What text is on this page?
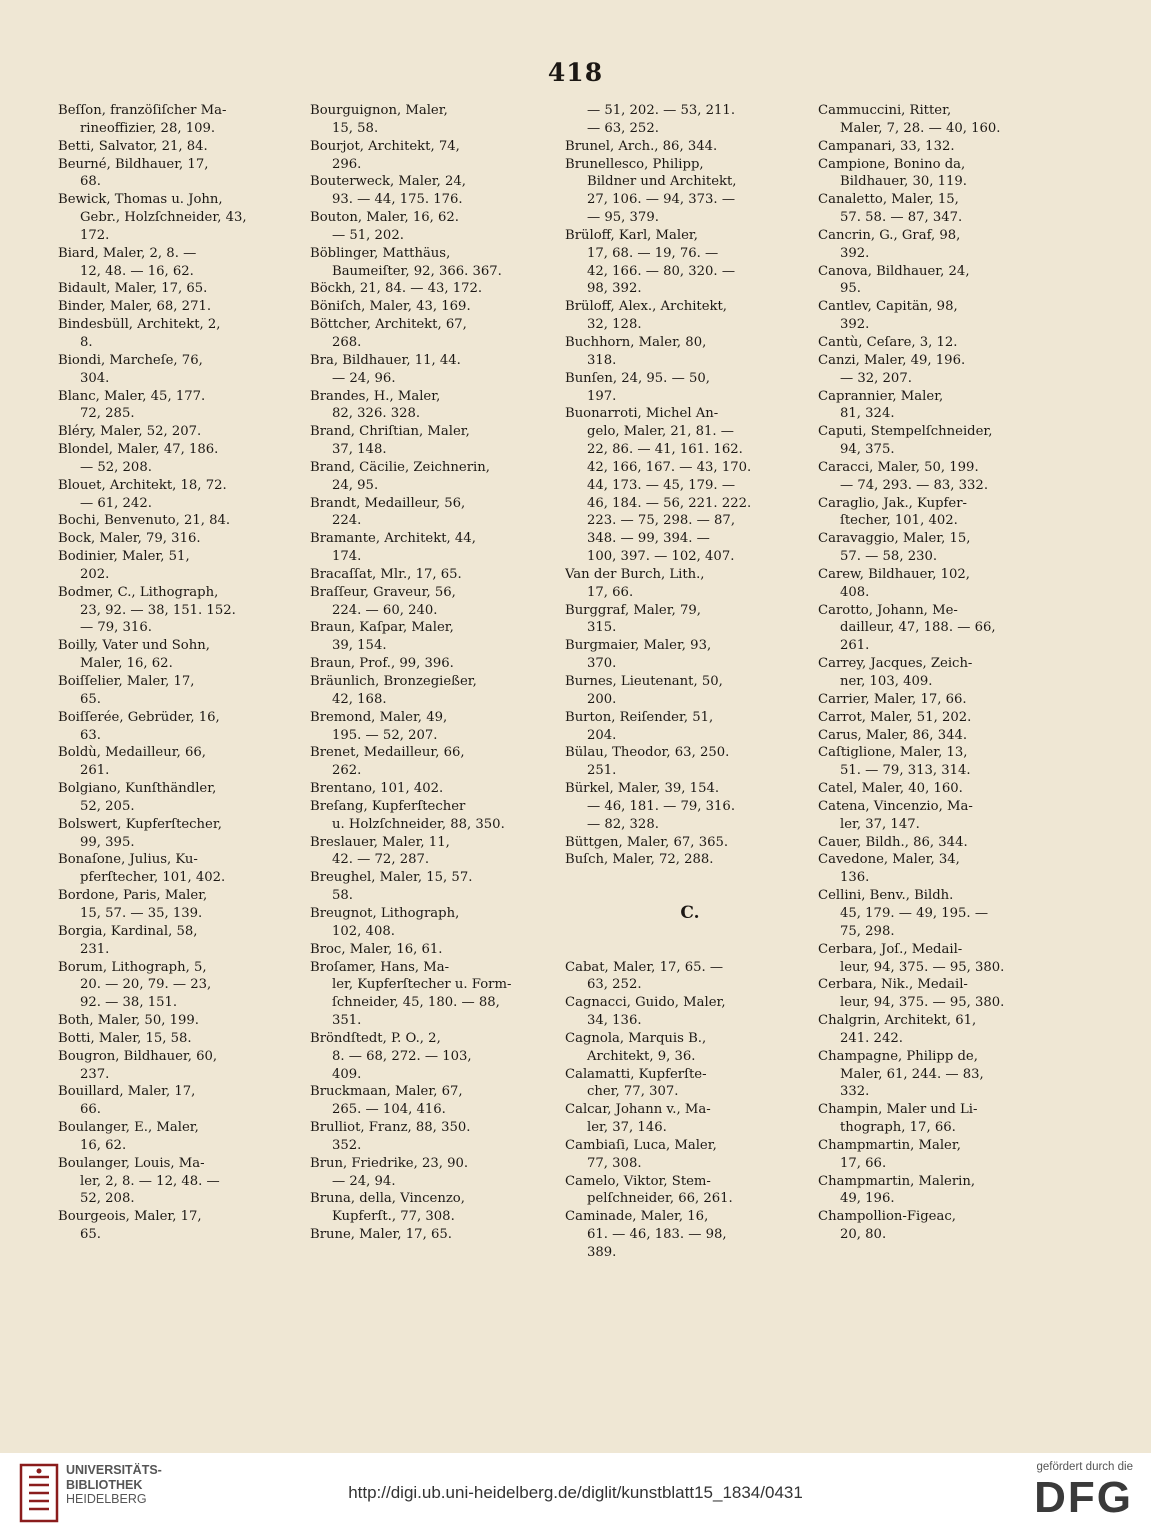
418
Beſſon, franzöſiſcher Ma-
rineoffizier, 28, 109.
Betti, Salvator, 21, 84.
Beurné, Bildhauer, 17,
68.
Bewick, Thomas u. John,
Gebr., Holzſchneider, 43,
172.
Biard, Maler, 2, 8. —
12, 48. — 16, 62.
Bidault, Maler, 17, 65.
Binder, Maler, 68, 271.
Bindesbüll, Architekt, 2,
8.
Biondi, Marcheſe, 76,
304.
Blanc, Maler, 45, 177.
72, 285.
Bléry, Maler, 52, 207.
Blondel, Maler, 47, 186.
— 52, 208.
Blouet, Architekt, 18, 72.
— 61, 242.
Bochi, Benvenuto, 21, 84.
Bock, Maler, 79, 316.
Bodinier, Maler, 51,
202.
Bodmer, C., Lithograph,
23, 92. — 38, 151. 152.
— 79, 316.
Boilly, Vater und Sohn,
Maler, 16, 62.
Boiſſelier, Maler, 17,
65.
Boiſſerée, Gebrüder, 16,
63.
Boldù, Medailleur, 66,
261.
Bolgiano, Kunſthändler,
52, 205.
Bolswert, Kupferſtecher,
99, 395.
Bonaſone, Julius, Ku-
pferſtecher, 101, 402.
Bordone, Paris, Maler,
15, 57. — 35, 139.
Borgia, Kardinal, 58,
231.
Borum, Lithograph, 5,
20. — 20, 79. — 23,
92. — 38, 151.
Both, Maler, 50, 199.
Botti, Maler, 15, 58.
Bougron, Bildhauer, 60,
237.
Bouillard, Maler, 17,
66.
Boulanger, E., Maler,
16, 62.
Boulanger, Louis, Ma-
ler, 2, 8. — 12, 48. —
52, 208.
Bourgeois, Maler, 17,
65.
Bourguignon, Maler,
15, 58.
Bourjot, Architekt, 74,
296.
Bouterweck, Maler, 24,
93. — 44, 175. 176.
Bouton, Maler, 16, 62.
— 51, 202.
Böblinger, Matthäus,
Baumeiſter, 92, 366. 367.
Böckh, 21, 84. — 43, 172.
Böniſch, Maler, 43, 169.
Böttcher, Architekt, 67,
268.
Bra, Bildhauer, 11, 44.
— 24, 96.
Brandes, H., Maler,
82, 326. 328.
Brand, Chriſtian, Maler,
37, 148.
Brand, Cäcilie, Zeichnerin,
24, 95.
Brandt, Medailleur, 56,
224.
Bramante, Architekt, 44,
174.
Bracaſſat, Mlr., 17, 65.
Braſſeur, Graveur, 56,
224. — 60, 240.
Braun, Kaſpar, Maler,
39, 154.
Braun, Prof., 99, 396.
Bräunlich, Bronzegießer,
42, 168.
Bremond, Maler, 49,
195. — 52, 207.
Brenet, Medailleur, 66,
262.
Brentano, 101, 402.
Breſang, Kupferſtecher
u. Holzſchneider, 88, 350.
Breslauer, Maler, 11,
42. — 72, 287.
Breughel, Maler, 15, 57.
58.
Breugnot, Lithograph,
102, 408.
Broc, Maler, 16, 61.
Broſamer, Hans, Ma-
ler, Kupferſtecher u. Form-
ſchneider, 45, 180. — 88,
351.
Bröndſtedt, P. O., 2,
8. — 68, 272. — 103,
409.
Bruckmaan, Maler, 67,
265. — 104, 416.
Brulliot, Franz, 88, 350.
352.
Brun, Friedrike, 23, 90.
— 24, 94.
Bruna, della, Vincenzo,
Kupferſt., 77, 308.
Brune, Maler, 17, 65.
— 51, 202. — 53, 211.
— 63, 252.
Brunel, Arch., 86, 344.
Brunellesco, Philipp,
Bildner und Architekt,
27, 106. — 94, 373. —
— 95, 379.
Brüloff, Karl, Maler,
17, 68. — 19, 76. —
42, 166. — 80, 320. —
98, 392.
Brüloff, Alex., Architekt,
32, 128.
Buchhorn, Maler, 80,
318.
Bunſen, 24, 95. — 50,
197.
Buonarroti, Michel An-
gelo, Maler, 21, 81. —
22, 86. — 41, 161. 162.
42, 166, 167. — 43, 170.
44, 173. — 45, 179. —
46, 184. — 56, 221. 222.
223. — 75, 298. — 87,
348. — 99, 394. —
100, 397. — 102, 407.
Van der Burch, Lith.,
17, 66.
Burggraf, Maler, 79,
315.
Burgmaier, Maler, 93,
370.
Burnes, Lieutenant, 50,
200.
Burton, Reiſender, 51,
204.
Bülau, Theodor, 63, 250.
251.
Bürkel, Maler, 39, 154.
— 46, 181. — 79, 316.
— 82, 328.
Büttgen, Maler, 67, 365.
Buſch, Maler, 72, 288.
C.
Cabat, Maler, 17, 65. —
63, 252.
Cagnacci, Guido, Maler,
34, 136.
Cagnola, Marquis B.,
Architekt, 9, 36.
Calamatti, Kupferſte-
cher, 77, 307.
Calcar, Johann v., Ma-
ler, 37, 146.
Cambiaſi, Luca, Maler,
77, 308.
Camelo, Viktor, Stem-
pelſchneider, 66, 261.
Caminade, Maler, 16,
61. — 46, 183. — 98,
389.
Cammuccini, Ritter,
Maler, 7, 28. — 40, 160.
Campanari, 33, 132.
Campione, Bonino da,
Bildhauer, 30, 119.
Canaletto, Maler, 15,
57. 58. — 87, 347.
Cancrin, G., Graf, 98,
392.
Canova, Bildhauer, 24,
95.
Cantlev, Capitän, 98,
392.
Cantù, Ceſare, 3, 12.
Canzi, Maler, 49, 196.
— 32, 207.
Caprannier, Maler,
81, 324.
Caputi, Stempelſchneider,
94, 375.
Caracci, Maler, 50, 199.
— 74, 293. — 83, 332.
Caraglio, Jak., Kupfer-
ſtecher, 101, 402.
Caravaggio, Maler, 15,
57. — 58, 230.
Carew, Bildhauer, 102,
408.
Carotto, Johann, Me-
dailleur, 47, 188. — 66,
261.
Carrey, Jacques, Zeich-
ner, 103, 409.
Carrier, Maler, 17, 66.
Carrot, Maler, 51, 202.
Carus, Maler, 86, 344.
Caſtiglione, Maler, 13,
51. — 79, 313, 314.
Catel, Maler, 40, 160.
Catena, Vincenzio, Ma-
ler, 37, 147.
Cauer, Bildh., 86, 344.
Cavedone, Maler, 34,
136.
Cellini, Benv., Bildh.
45, 179. — 49, 195. —
75, 298.
Cerbara, Joſ., Medail-
leur, 94, 375. — 95, 380.
Cerbara, Nik., Medail-
leur, 94, 375. — 95, 380.
Chalgrin, Architekt, 61,
241. 242.
Champagne, Philipp de,
Maler, 61, 244. — 83,
332.
Champin, Maler und Li-
thograph, 17, 66.
Champmartin, Maler,
17, 66.
Champmartin, Malerin,
49, 196.
Champollion-Figeac,
20, 80.
UNIVERSITÄTS-
BIBLIOTHEK
HEIDELBERG	http://digi.ub.uni-heidelberg.de/diglit/kunstblatt15_1834/0431
gefördert durch die
DFG
